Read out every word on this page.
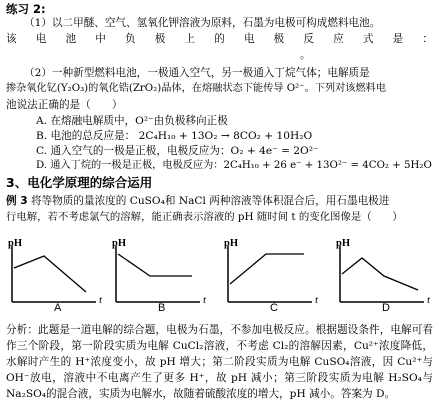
练习 2:
（1）以二甲醚、空气、氢氧化钾溶液为原料，石墨为电极可构成燃料电池。
该 电 池 中 负 极 上 的 电 极 反 应 式 是 ：
。
（2）一种新型燃料电池，一极通入空气，另一极通入丁烷气体；电解质是
掺杂氧化钇(Y₂O₃)的氧化锆(ZrO₂)晶体，在熔融状态下能传导 O²⁻。下列对该燃料电
池说法正确的是（　　）
A. 在熔融电解质中，O²⁻由负极移向正极
B. 电池的总反应是： 2C₄H₁₀ + 13O₂ → 8CO₂ + 10H₂O
C. 通入空气的一极是正极，电极反应为：O₂ + 4e⁻ = 2O²⁻
D. 通入丁烷的一极是正极，电极反应为：2C₄H₁₀ + 26 e⁻ + 13O²⁻ = 4CO₂ + 5H₂O
3、电化学原理的综合运用
例 3 将等物质的量浓度的 CuSO₄和 NaCl 两种溶液等体积混合后，用石墨电极进
行电解，若不考虑氯气的溶解，能正确表示溶液的 pH 随时间 t 的变化图像是（　　）
pH
t
A
pH
t
B
pH
t
C
pH
t
D
分析：此题是一道电解的综合题，电极为石墨，不参加电极反应。根据题设条件，电解可看作三个阶段，第一阶段实质为电解 CuCl₂溶液，不考虑 Cl₂的溶解因素，Cu²⁺浓度降低，水解时产生的 H⁺浓度变小，故 pH 增大；第二阶段实质为电解 CuSO₄溶液，因 Cu²⁺与 OH⁻放电，溶液中不电离产生了更多 H⁺，故 pH 减小；第三阶段实质为电解 H₂SO₄与 Na₂SO₄的混合液，实质为电解水，故随着硫酸浓度的增大，pH 减小。答案为 D。
